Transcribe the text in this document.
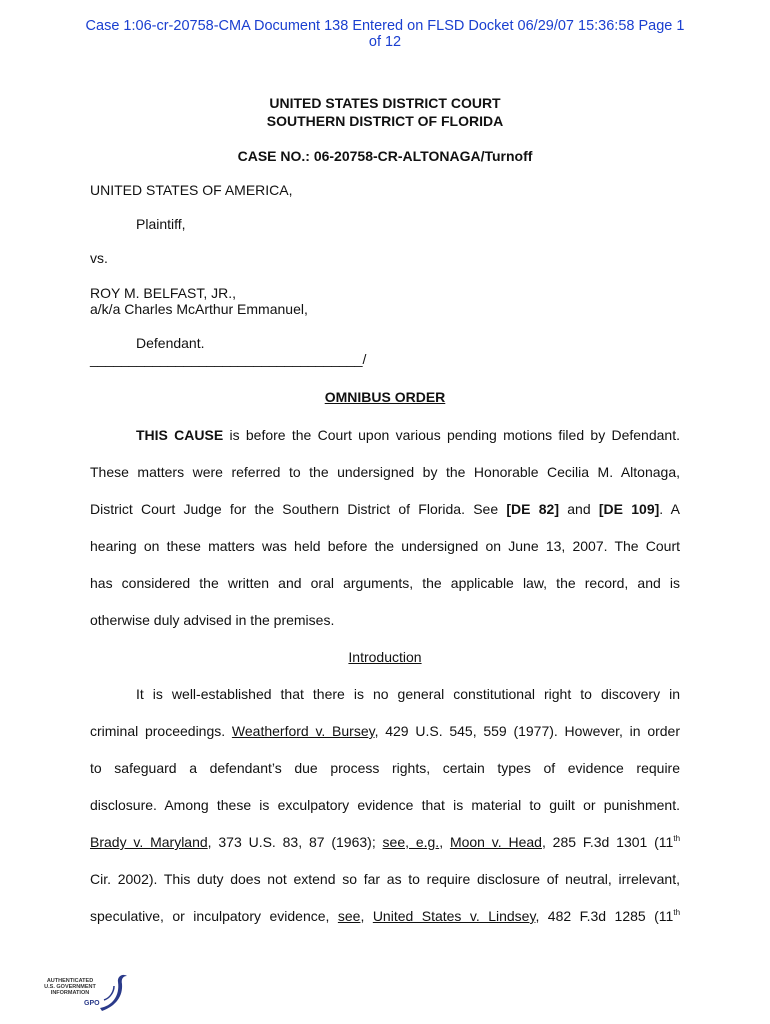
Case 1:06-cr-20758-CMA Document 138 Entered on FLSD Docket 06/29/07 15:36:58 Page 1
of 12
UNITED STATES DISTRICT COURT
SOUTHERN DISTRICT OF FLORIDA
CASE NO.: 06-20758-CR-ALTONAGA/Turnoff
UNITED STATES OF AMERICA,
Plaintiff,
vs.
ROY M. BELFAST, JR.,
a/k/a Charles McArthur Emmanuel,
Defendant.
___________________________________/
OMNIBUS ORDER
THIS CAUSE is before the Court upon various pending motions filed by Defendant.
These matters were referred to the undersigned by the Honorable Cecilia M. Altonaga,
District Court Judge for the Southern District of Florida. See [DE 82] and [DE 109]. A
hearing on these matters was held before the undersigned on June 13, 2007. The Court
has considered the written and oral arguments, the applicable law, the record, and is
otherwise duly advised in the premises.
Introduction
It is well-established that there is no general constitutional right to discovery in
criminal proceedings. Weatherford v. Bursey, 429 U.S. 545, 559 (1977). However, in order
to safeguard a defendant’s due process rights, certain types of evidence require
disclosure. Among these is exculpatory evidence that is material to guilt or punishment.
Brady v. Maryland, 373 U.S. 83, 87 (1963); see, e.g., Moon v. Head, 285 F.3d 1301 (11th
Cir. 2002). This duty does not extend so far as to require disclosure of neutral, irrelevant,
speculative, or inculpatory evidence, see, United States v. Lindsey, 482 F.3d 1285 (11th
AUTHENTICATED
U.S. GOVERNMENT
INFORMATION
GPO
